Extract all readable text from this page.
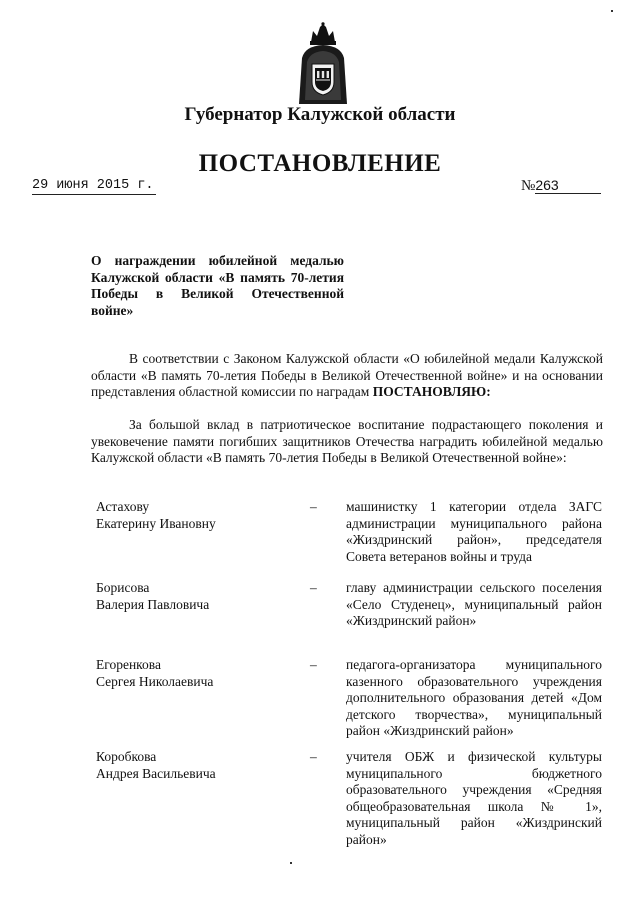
Губернатор Калужской области
ПОСТАНОВЛЕНИЕ
29 июня 2015 г.	№263
О награждении юбилейной медалью Калужской области «В память 70-летия Победы в Великой Отечественной войне»

В соответствии с Законом Калужской области «О юбилейной медали Калужской области «В память 70-летия Победы в Великой Отечественной войне» и на основании представления областной комиссии по наградам ПОСТАНОВЛЯЮ:

За большой вклад в патриотическое воспитание подрастающего поколения и увековечение памяти погибших защитников Отечества наградить юбилейной медалью Калужской области «В память 70-летия Победы в Великой Отечественной войне»:

Астахову
Екатерину Ивановну
– машинистку 1 категории отдела ЗАГС администрации муниципального района «Жиздринский район», председателя Совета ветеранов войны и труда
Борисова
Валерия Павловича
– главу администрации сельского поселения «Село Студенец», муниципальный район «Жиздринский район»
Егоренкова
Сергея Николаевича
– педагога-организатора муниципального казенного образовательного учреждения дополнительного образования детей «Дом детского творчества», муниципальный район «Жиздринский район»
Коробкова
Андрея Васильевича
– учителя ОБЖ и физической культуры муниципального бюджетного образовательного учреждения «Средняя общеобразовательная школа № 1», муниципальный район «Жиздринский район»
